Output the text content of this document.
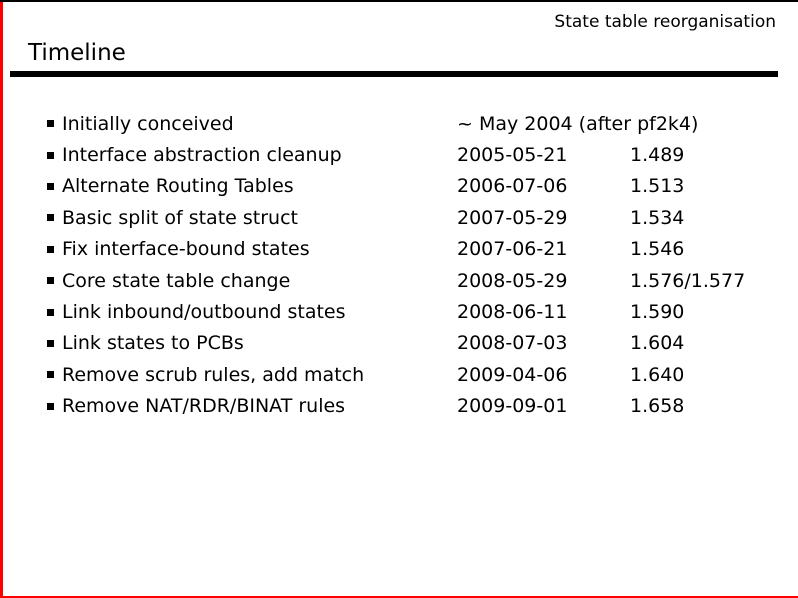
State table reorganisation
Timeline
Initially conceived	~ May 2004 (after pf2k4)
Interface abstraction cleanup	2005-05-21	1.489
Alternate Routing Tables	2006-07-06	1.513
Basic split of state struct	2007-05-29	1.534
Fix interface-bound states	2007-06-21	1.546
Core state table change	2008-05-29	1.576/1.577
Link inbound/outbound states	2008-06-11	1.590
Link states to PCBs	2008-07-03	1.604
Remove scrub rules, add match	2009-04-06	1.640
Remove NAT/RDR/BINAT rules	2009-09-01	1.658
